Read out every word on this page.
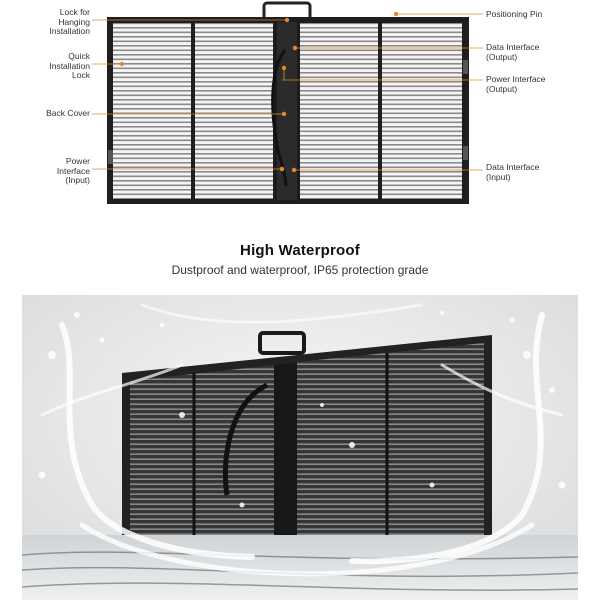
Lock for
Hanging
Installation
Quick
Installation
Lock
Back Cover
Power
Interface
(Input)
Positioning Pin
Data Interface
(Output)
Power Interface
(Output)
Data Interface
(Input)
High Waterproof
Dustproof and waterproof, IP65 protection grade
